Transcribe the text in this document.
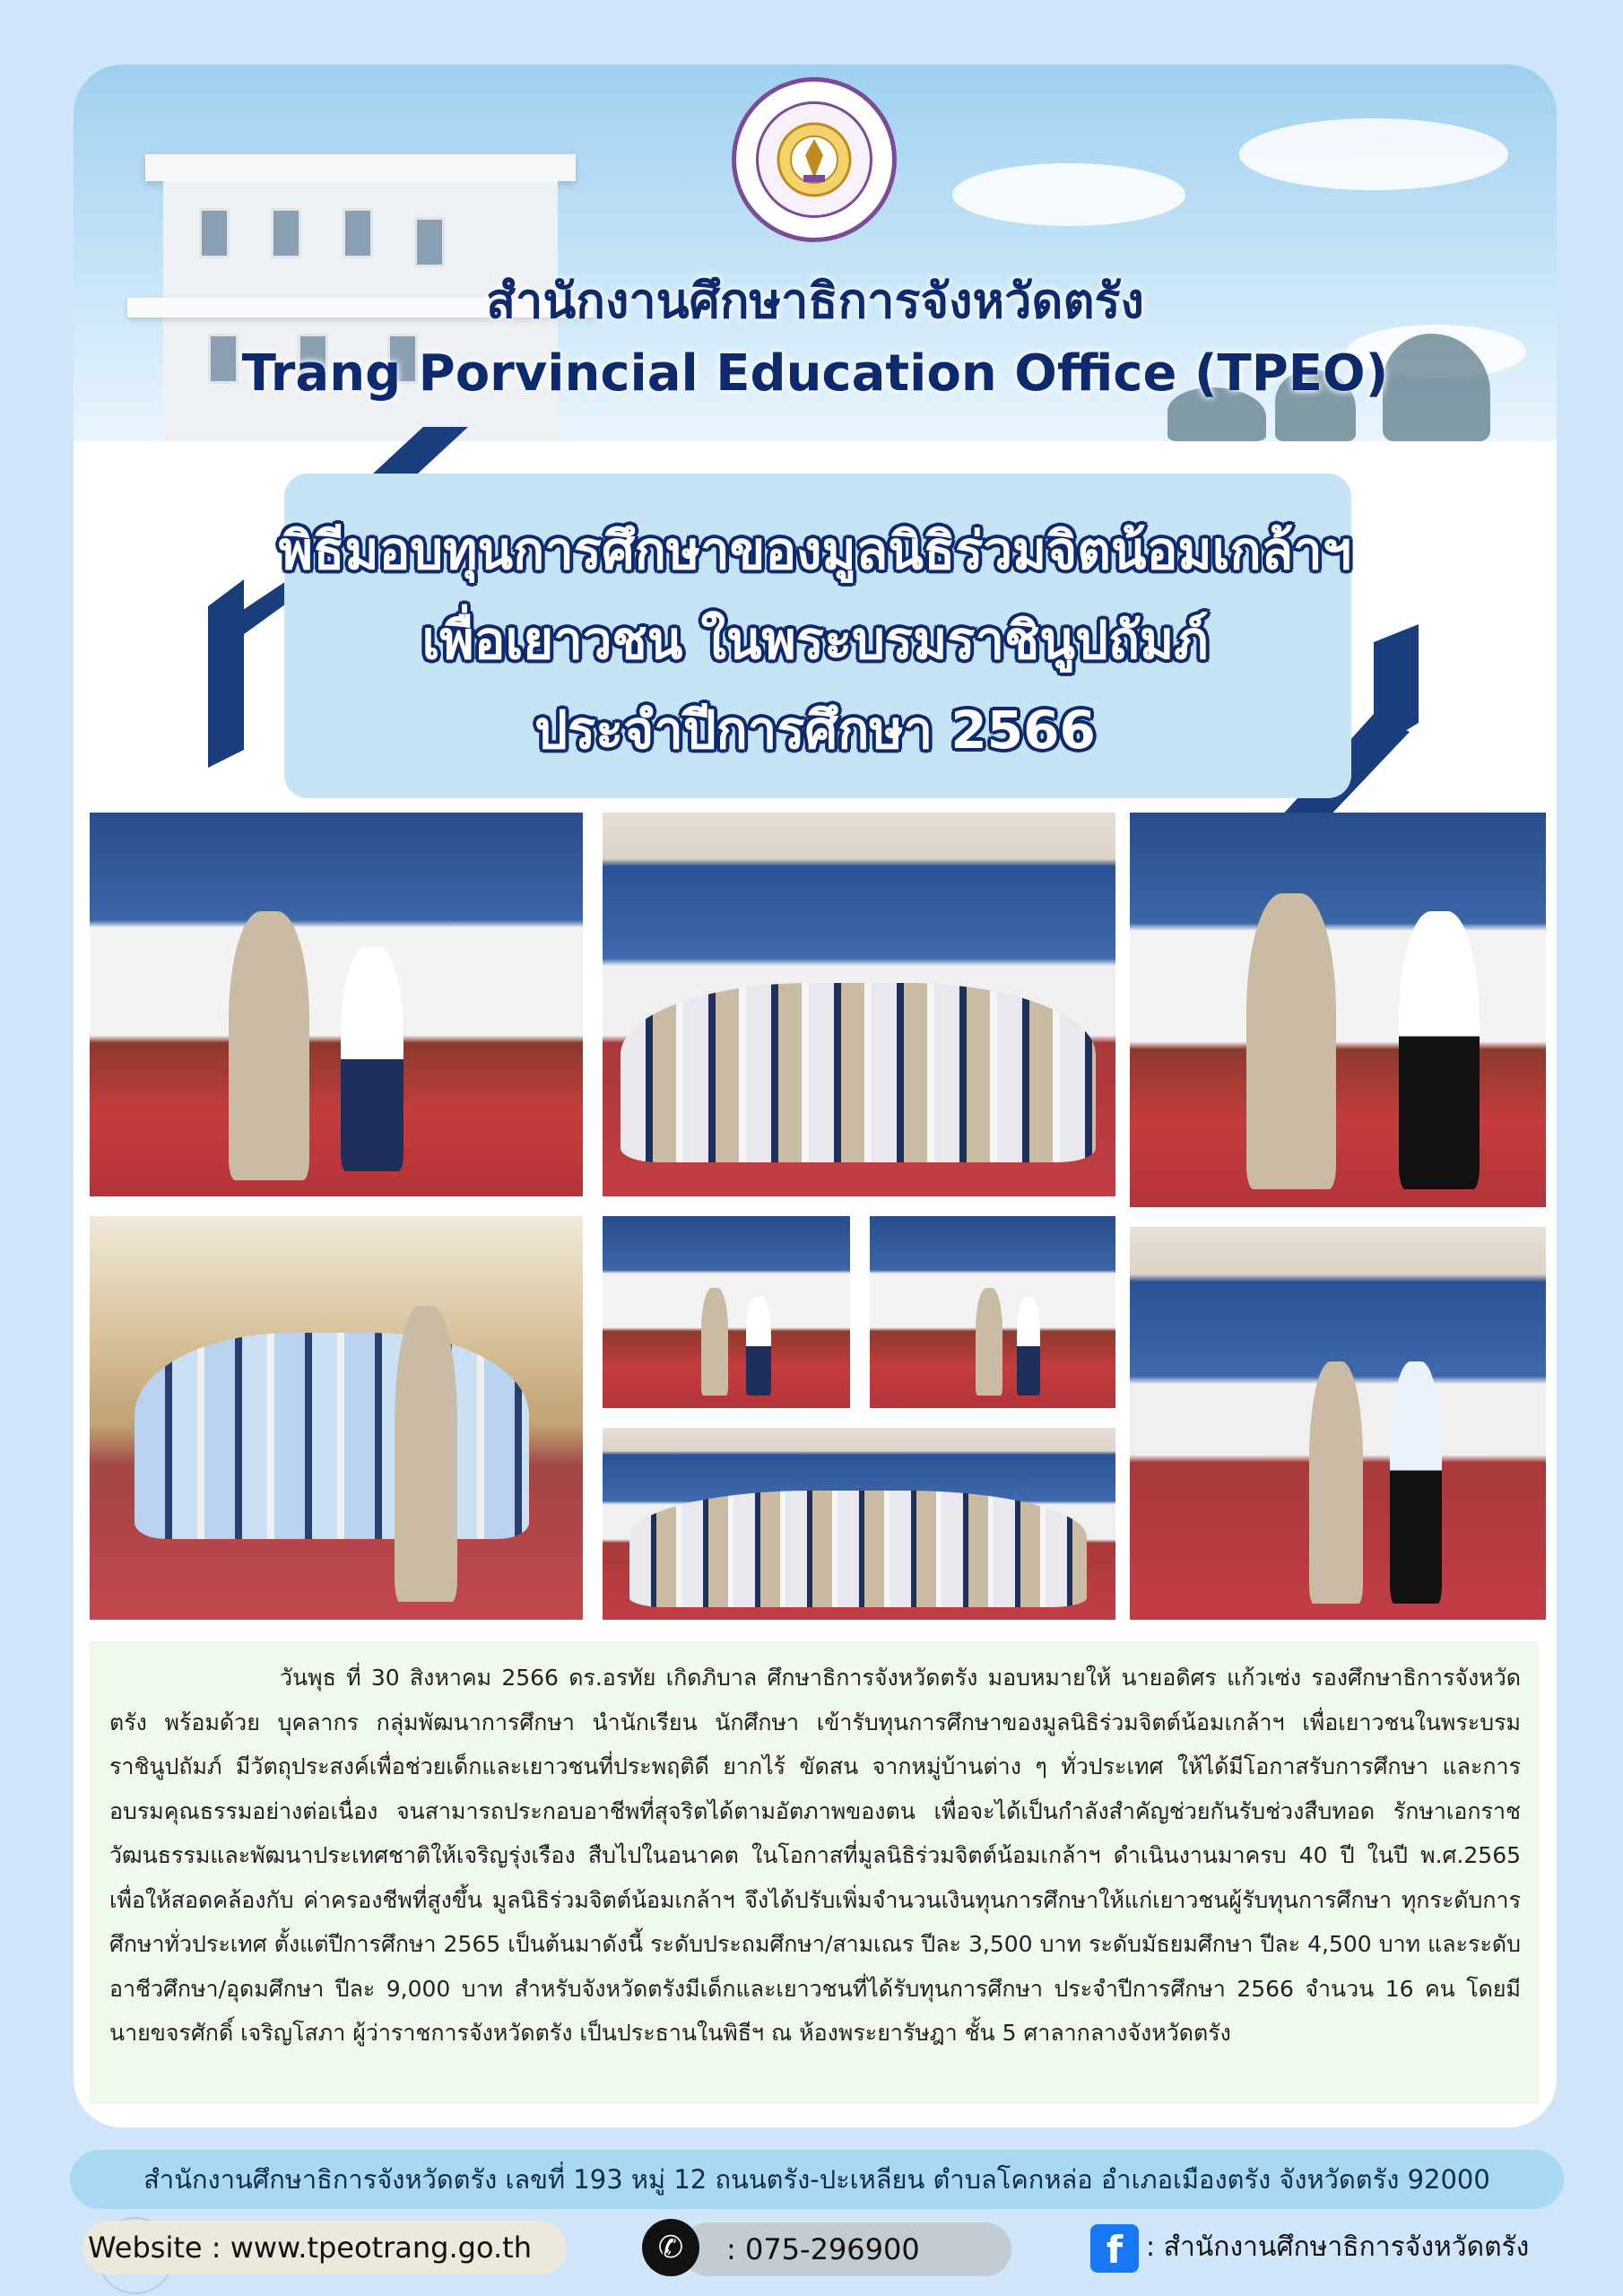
สำนักงานศึกษาธิการจังหวัดตรัง
Trang Porvincial Education Office (TPEO)
พิธีมอบทุนการศึกษาของมูลนิธิร่วมจิตน้อมเกล้าฯ
เพื่อเยาวชน ในพระบรมราชินูปถัมภ์
ประจำปีการศึกษา 2566

วันพุธ ที่ 30 สิงหาคม 2566 ดร.อรทัย เกิดภิบาล ศึกษาธิการจังหวัดตรัง มอบหมายให้ นายอดิศร แก้วเซ่ง รองศึกษาธิการจังหวัดตรัง พร้อมด้วย บุคลากร กลุ่มพัฒนาการศึกษา นำนักเรียน นักศึกษา เข้ารับทุนการศึกษาของมูลนิธิร่วมจิตต์น้อมเกล้าฯ เพื่อเยาวชนในพระบรมราชินูปถัมภ์ มีวัตถุประสงค์เพื่อช่วยเด็กและเยาวชนที่ประพฤติดี ยากไร้ ขัดสน จากหมู่บ้านต่าง ๆ ทั่วประเทศ ให้ได้มีโอกาสรับการศึกษา และการอบรมคุณธรรมอย่างต่อเนื่อง จนสามารถประกอบอาชีพที่สุจริตได้ตามอัตภาพของตน เพื่อจะได้เป็นกำลังสำคัญช่วยกันรับช่วงสืบทอด รักษาเอกราช วัฒนธรรมและพัฒนาประเทศชาติให้เจริญรุ่งเรือง สืบไปในอนาคต ในโอกาสที่มูลนิธิร่วมจิตต์น้อมเกล้าฯ ดำเนินงานมาครบ 40 ปี ในปี พ.ศ.2565 เพื่อให้สอดคล้องกับ ค่าครองชีพที่สูงขึ้น มูลนิธิร่วมจิตต์น้อมเกล้าฯ จึงได้ปรับเพิ่มจำนวนเงินทุนการศึกษาให้แก่เยาวชนผู้รับทุนการศึกษา ทุกระดับการศึกษาทั่วประเทศ ตั้งแต่ปีการศึกษา 2565 เป็นต้นมาดังนี้ ระดับประถมศึกษา/สามเณร ปีละ 3,500 บาท ระดับมัธยมศึกษา ปีละ 4,500 บาท และระดับอาชีวศึกษา/อุดมศึกษา ปีละ 9,000 บาท สำหรับจังหวัดตรังมีเด็กและเยาวชนที่ได้รับทุนการศึกษา ประจำปีการศึกษา 2566 จำนวน 16 คน โดยมี นายขจรศักดิ์ เจริญโสภา ผู้ว่าราชการจังหวัดตรัง เป็นประธานในพิธีฯ ณ ห้องพระยารัษฎา ชั้น 5 ศาลากลางจังหวัดตรัง

สำนักงานศึกษาธิการจังหวัดตรัง เลขที่ 193 หมู่ 12 ถนนตรัง-ปะเหลียน ตำบลโคกหล่อ อำเภอเมืองตรัง จังหวัดตรัง 92000
Website : www.tpeotrang.go.th	: 075-296900
✆	f : สำนักงานศึกษาธิการจังหวัดตรัง
